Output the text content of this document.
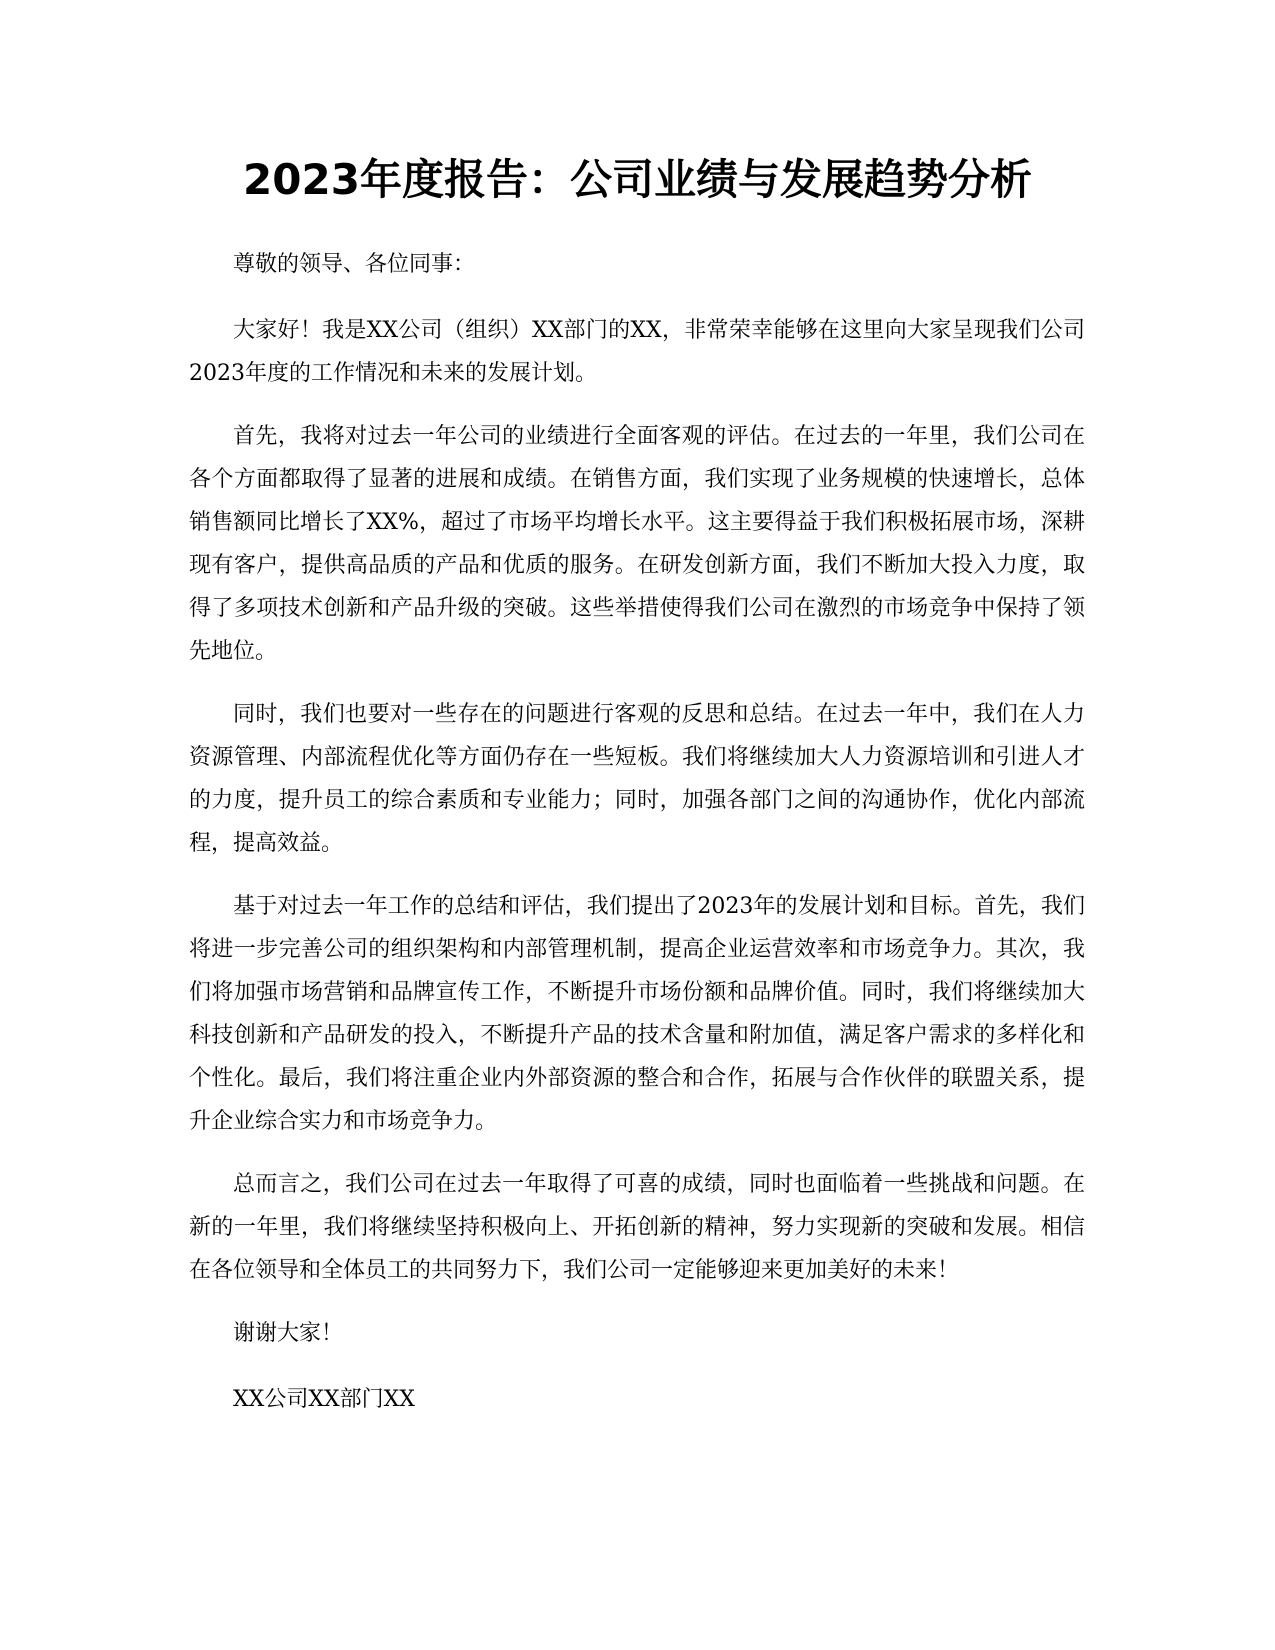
2023年度报告：公司业绩与发展趋势分析

尊敬的领导、各位同事：

大家好！我是XX公司（组织）XX部门的XX，非常荣幸能够在这里向大家呈现我们公司2023年度的工作情况和未来的发展计划。

首先，我将对过去一年公司的业绩进行全面客观的评估。在过去的一年里，我们公司在各个方面都取得了显著的进展和成绩。在销售方面，我们实现了业务规模的快速增长，总体销售额同比增长了XX%，超过了市场平均增长水平。这主要得益于我们积极拓展市场，深耕现有客户，提供高品质的产品和优质的服务。在研发创新方面，我们不断加大投入力度，取得了多项技术创新和产品升级的突破。这些举措使得我们公司在激烈的市场竞争中保持了领先地位。

同时，我们也要对一些存在的问题进行客观的反思和总结。在过去一年中，我们在人力资源管理、内部流程优化等方面仍存在一些短板。我们将继续加大人力资源培训和引进人才的力度，提升员工的综合素质和专业能力；同时，加强各部门之间的沟通协作，优化内部流程，提高效益。

基于对过去一年工作的总结和评估，我们提出了2023年的发展计划和目标。首先，我们将进一步完善公司的组织架构和内部管理机制，提高企业运营效率和市场竞争力。其次，我们将加强市场营销和品牌宣传工作，不断提升市场份额和品牌价值。同时，我们将继续加大科技创新和产品研发的投入，不断提升产品的技术含量和附加值，满足客户需求的多样化和个性化。最后，我们将注重企业内外部资源的整合和合作，拓展与合作伙伴的联盟关系，提升企业综合实力和市场竞争力。

总而言之，我们公司在过去一年取得了可喜的成绩，同时也面临着一些挑战和问题。在新的一年里，我们将继续坚持积极向上、开拓创新的精神，努力实现新的突破和发展。相信在各位领导和全体员工的共同努力下，我们公司一定能够迎来更加美好的未来！

谢谢大家！

XX公司XX部门XX
